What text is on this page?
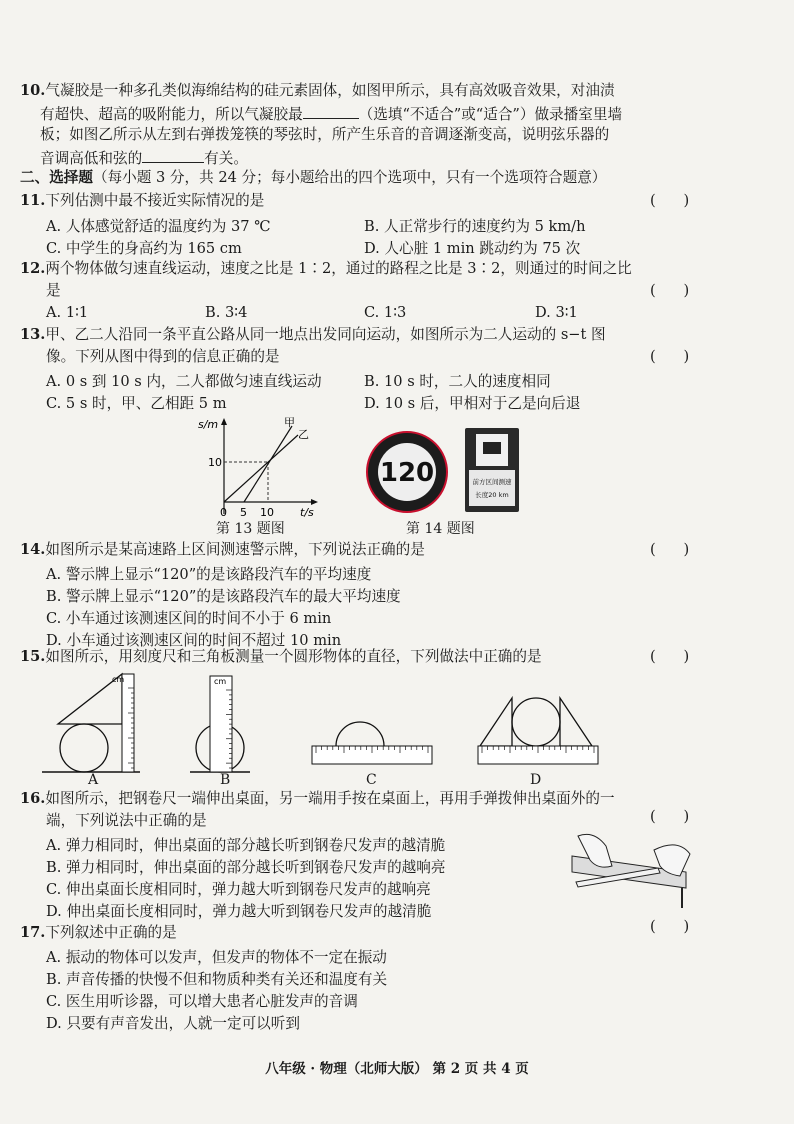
10.气凝胶是一种多孔类似海绵结构的硅元素固体，如图甲所示，具有高效吸音效果，对油渍
有超快、超高的吸附能力，所以气凝胶最	（选填“不适合”或“适合”）做录播室里墙
板；如图乙所示从左到右弹拨笼筷的琴弦时，所产生乐音的音调逐渐变高，说明弦乐器的
音调高低和弦的	有关。
二、选择题（每小题 3 分，共 24 分；每小题给出的四个选项中，只有一个选项符合题意）
11.下列估测中最不接近实际情况的是	(      )
A. 人体感觉舒适的温度约为 37 ℃	B. 人正常步行的速度约为 5 km/h
C. 中学生的身高约为 165 cm	D. 人心脏 1 min 跳动约为 75 次
12.两个物体做匀速直线运动，速度之比是 1∶2，通过的路程之比是 3∶2，则通过的时间之比
是	(      )
A. 1∶1	B. 3∶4	C. 1∶3	D. 3∶1
13.甲、乙二人沿同一条平直公路从同一地点出发同向运动，如图所示为二人运动的 s−t 图
像。下列从图中得到的信息正确的是	(      )
A. 0 s 到 10 s 内，二人都做匀速直线运动	B. 10 s 时，二人的速度相同
C. 5 s 时，甲、乙相距 5 m	D. 10 s 后，甲相对于乙是向后退
s/m	甲
乙
10
0 5 10 t/s
第 13 题图
120	前方区间测速
长度20 km
第 14 题图
14.如图所示是某高速路上区间测速警示牌，下列说法正确的是	(      )
A. 警示牌上显示“120”的是该路段汽车的平均速度
B. 警示牌上显示“120”的是该路段汽车的最大平均速度
C. 小车通过该测速区间的时间不小于 6 min
D. 小车通过该测速区间的时间不超过 10 min
15.如图所示，用刻度尺和三角板测量一个圆形物体的直径，下列做法中正确的是	(      )
cm	cm
A	B	C	D
16.如图所示，把钢卷尺一端伸出桌面，另一端用手按在桌面上，再用手弹拨伸出桌面外的一
端，下列说法中正确的是	(      )
A. 弹力相同时，伸出桌面的部分越长听到钢卷尺发声的越清脆
B. 弹力相同时，伸出桌面的部分越长听到钢卷尺发声的越响亮
C. 伸出桌面长度相同时，弹力越大听到钢卷尺发声的越响亮
D. 伸出桌面长度相同时，弹力越大听到钢卷尺发声的越清脆
17.下列叙述中正确的是	(      )
A. 振动的物体可以发声，但发声的物体不一定在振动
B. 声音传播的快慢不但和物质种类有关还和温度有关
C. 医生用听诊器，可以增大患者心脏发声的音调
D. 只要有声音发出，人就一定可以听到
八年级 · 物理（北师大版） 第 2 页 共 4 页
